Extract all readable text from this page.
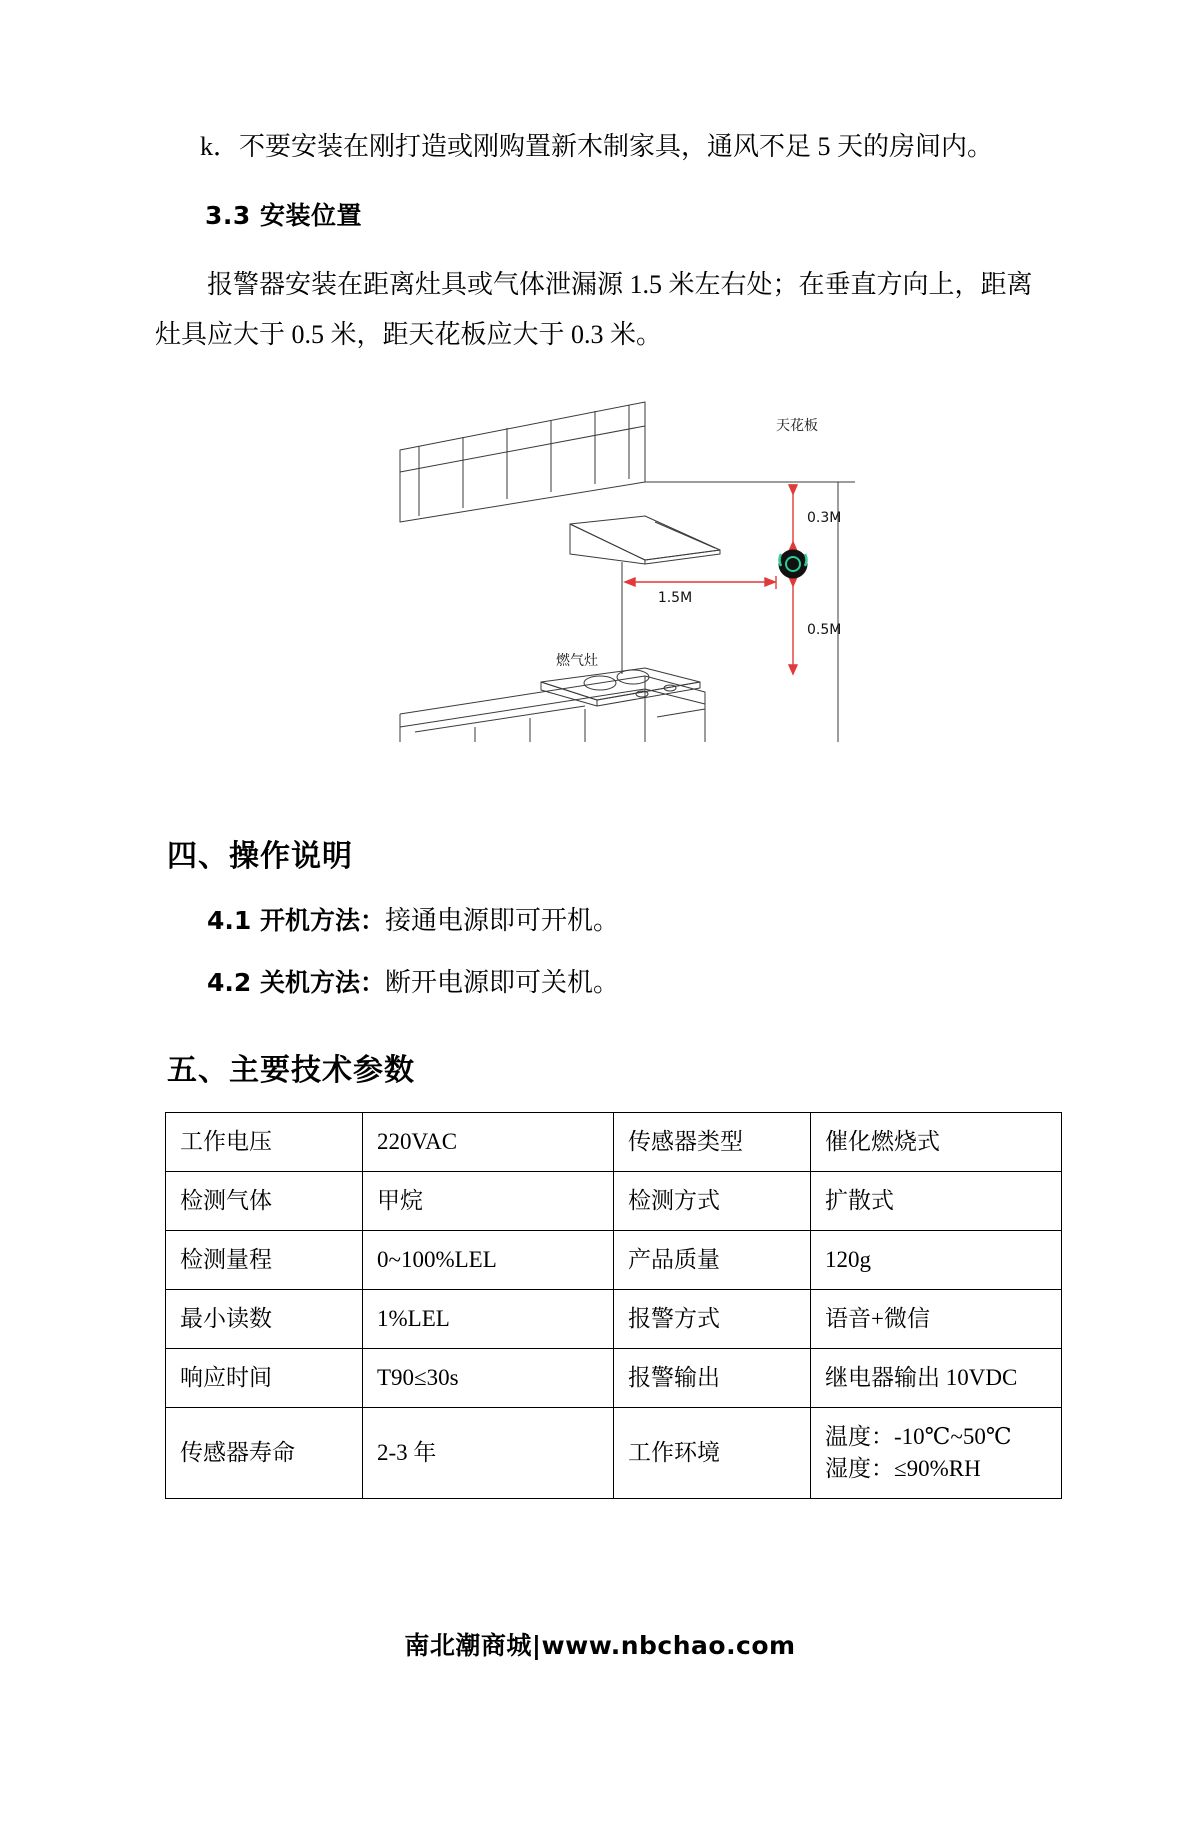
k．不要安装在刚打造或刚购置新木制家具，通风不足 5 天的房间内。
3.3 安装位置
报警器安装在距离灶具或气体泄漏源 1.5 米左右处；在垂直方向上，距离
灶具应大于 0.5 米，距天花板应大于 0.3 米。
天花板
0.3M
0.5M
1.5M
燃气灶
四、操作说明
4.1 开机方法：接通电源即可开机。
4.2 关机方法：断开电源即可关机。
五、主要技术参数
工作电压	220VAC	传感器类型	催化燃烧式
检测气体	甲烷	检测方式	扩散式
检测量程	0~100%LEL	产品质量	120g
最小读数	1%LEL	报警方式	语音+微信
响应时间	T90≤30s	报警输出	继电器输出 10VDC
传感器寿命	2-3 年	工作环境	温度：-10℃~50℃
湿度：≤90%RH
南北潮商城|www.nbchao.com
